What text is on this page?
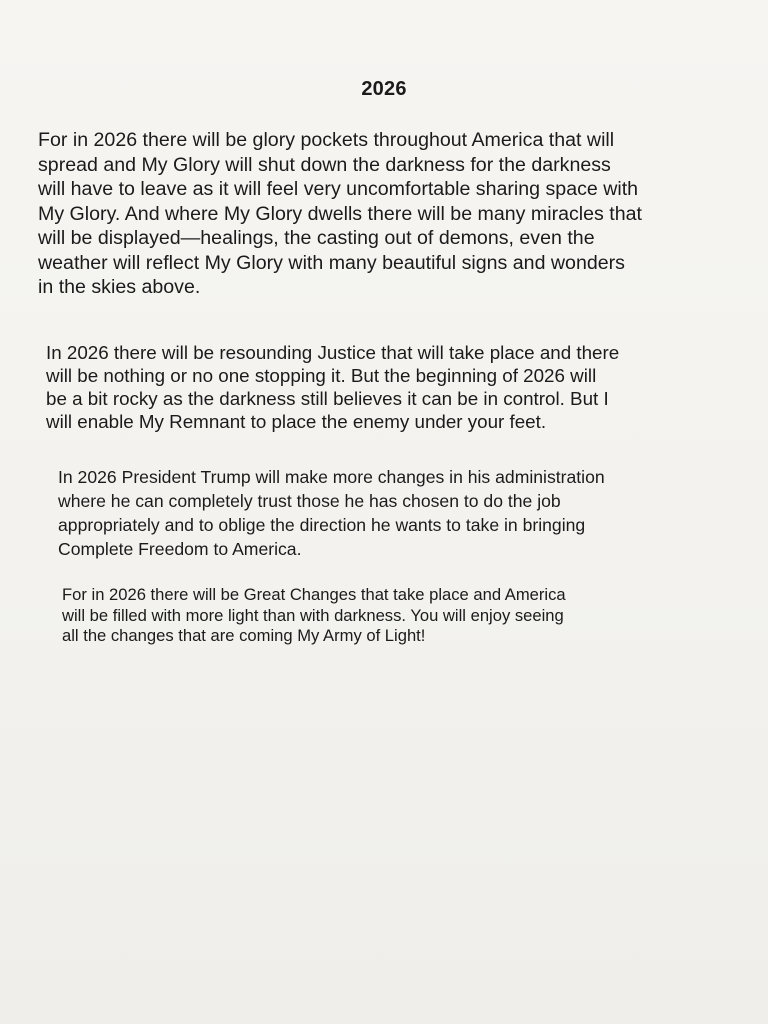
2026

For in 2026 there will be glory pockets throughout America that will
spread and My Glory will shut down the darkness for the darkness
will have to leave as it will feel very uncomfortable sharing space with
My Glory. And where My Glory dwells there will be many miracles that
will be displayed—healings, the casting out of demons, even the
weather will reflect My Glory with many beautiful signs and wonders
in the skies above.

In 2026 there will be resounding Justice that will take place and there
will be nothing or no one stopping it. But the beginning of 2026 will
be a bit rocky as the darkness still believes it can be in control. But I
will enable My Remnant to place the enemy under your feet.

In 2026 President Trump will make more changes in his administration
where he can completely trust those he has chosen to do the job
appropriately and to oblige the direction he wants to take in bringing
Complete Freedom to America.

For in 2026 there will be Great Changes that take place and America
will be filled with more light than with darkness. You will enjoy seeing
all the changes that are coming My Army of Light!
